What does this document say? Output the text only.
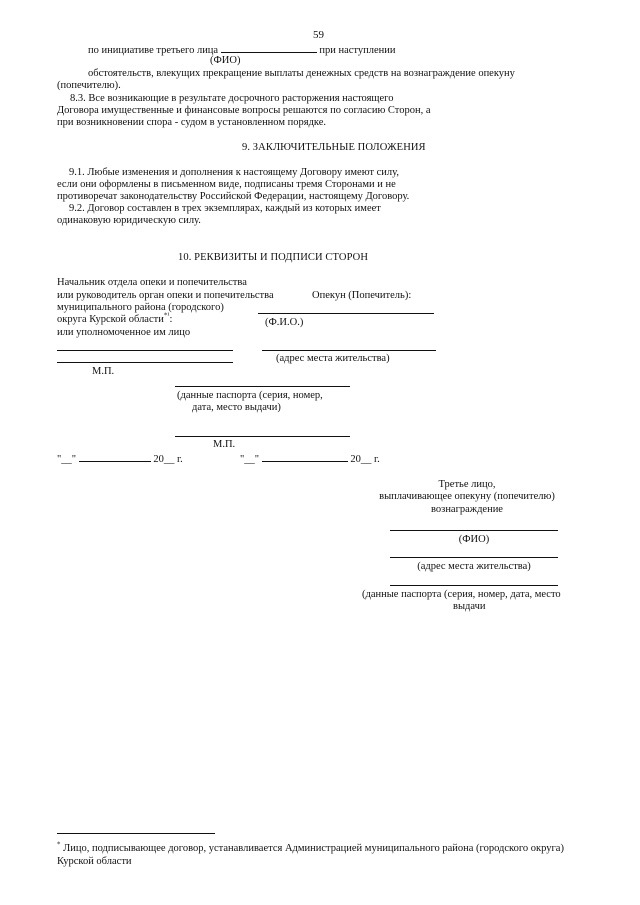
59
по инициативе третьего лица	при наступлении
(ФИО)
обстоятельств, влекущих прекращение выплаты денежных средств на вознаграждение опекуну
(попечителю).
8.3. Все возникающие в результате досрочного расторжения настоящего
Договора имущественные и финансовые вопросы решаются по согласию Сторон, а
при возникновении спора - судом в установленном порядке.
9. ЗАКЛЮЧИТЕЛЬНЫЕ ПОЛОЖЕНИЯ
9.1. Любые изменения и дополнения к настоящему Договору имеют силу,
если они оформлены в письменном виде, подписаны тремя Сторонами и не
противоречат законодательству Российской Федерации, настоящему Договору.
9.2. Договор составлен в трех экземплярах, каждый из которых имеет
одинаковую юридическую силу.
10. РЕКВИЗИТЫ И ПОДПИСИ СТОРОН
Начальник отдела опеки и попечительства
или руководитель орган опеки и попечительства	Опекун (Попечитель):
муниципального района (городского)
округа Курской области$^{*^1}$:	(Ф.И.О.)
или уполномоченное им лицо
(адрес места жительства)
М.П.
(данные паспорта (серия, номер,
дата, место выдачи)
М.П.
"__"	20__ г.	"__"	20__ г.
Третье лицо,
выплачивающее опекуну (попечителю)
вознаграждение
(ФИО)
(адрес места жительства)
(данные паспорта (серия, номер, дата, место
выдачи
* Лицо, подписывающее договор, устанавливается Администрацией муниципального района (городского округа)
Курской области
